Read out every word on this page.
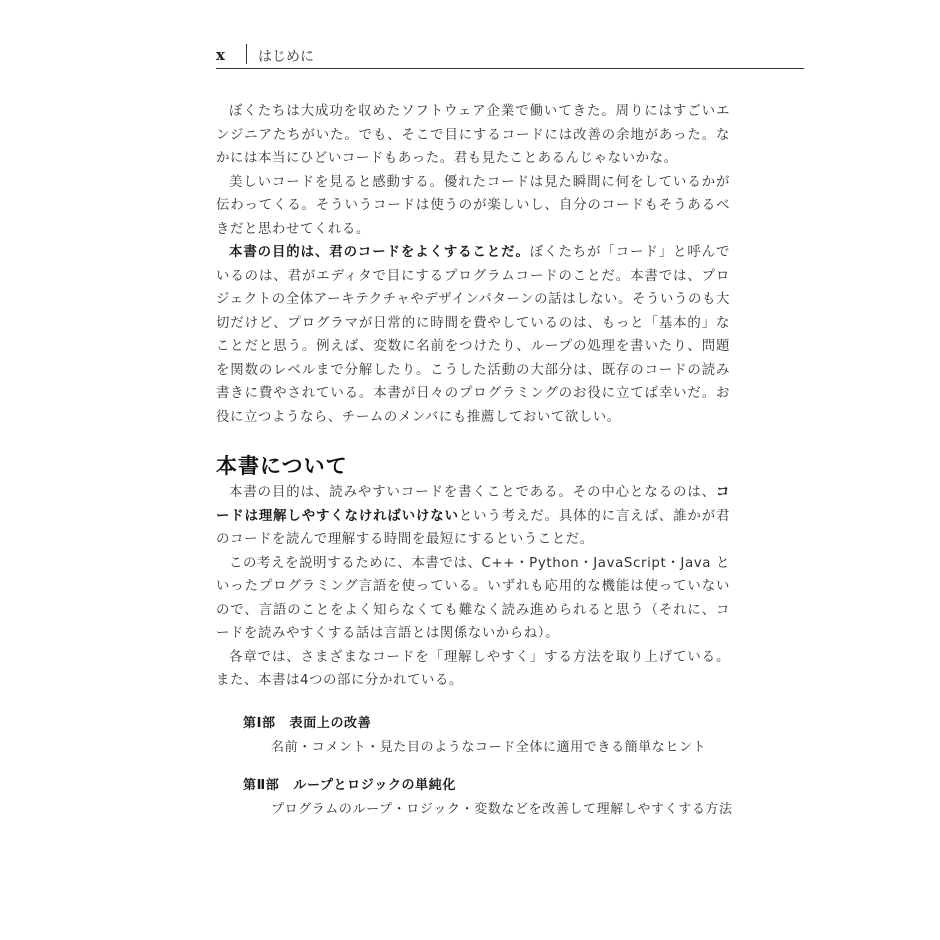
x はじめに

ぼくたちは大成功を収めたソフトウェア企業で働いてきた。周りにはすごいエンジニアたちがいた。でも、そこで目にするコードには改善の余地があった。なかには本当にひどいコードもあった。君も見たことあるんじゃないかな。

美しいコードを見ると感動する。優れたコードは見た瞬間に何をしているかが伝わってくる。そういうコードは使うのが楽しいし、自分のコードもそうあるべきだと思わせてくれる。

本書の目的は、君のコードをよくすることだ。ぼくたちが「コード」と呼んでいるのは、君がエディタで目にするプログラムコードのことだ。本書では、プロジェクトの全体アーキテクチャやデザインパターンの話はしない。そういうのも大切だけど、プログラマが日常的に時間を費やしているのは、もっと「基本的」なことだと思う。例えば、変数に名前をつけたり、ループの処理を書いたり、問題を関数のレベルまで分解したり。こうした活動の大部分は、既存のコードの読み書きに費やされている。本書が日々のプログラミングのお役に立てば幸いだ。お役に立つようなら、チームのメンバにも推薦しておいて欲しい。

本書について

本書の目的は、読みやすいコードを書くことである。その中心となるのは、コードは理解しやすくなければいけないという考えだ。具体的に言えば、誰かが君のコードを読んで理解する時間を最短にするということだ。

この考えを説明するために、本書では、C++・Python・JavaScript・Java といったプログラミング言語を使っている。いずれも応用的な機能は使っていないので、言語のことをよく知らなくても難なく読み進められると思う（それに、コードを読みやすくする話は言語とは関係ないからね）。

各章では、さまざまなコードを「理解しやすく」する方法を取り上げている。また、本書は4つの部に分かれている。

第Ⅰ部 表面上の改善
名前・コメント・見た目のようなコード全体に適用できる簡単なヒント
第Ⅱ部 ループとロジックの単純化
プログラムのループ・ロジック・変数などを改善して理解しやすくする方法
